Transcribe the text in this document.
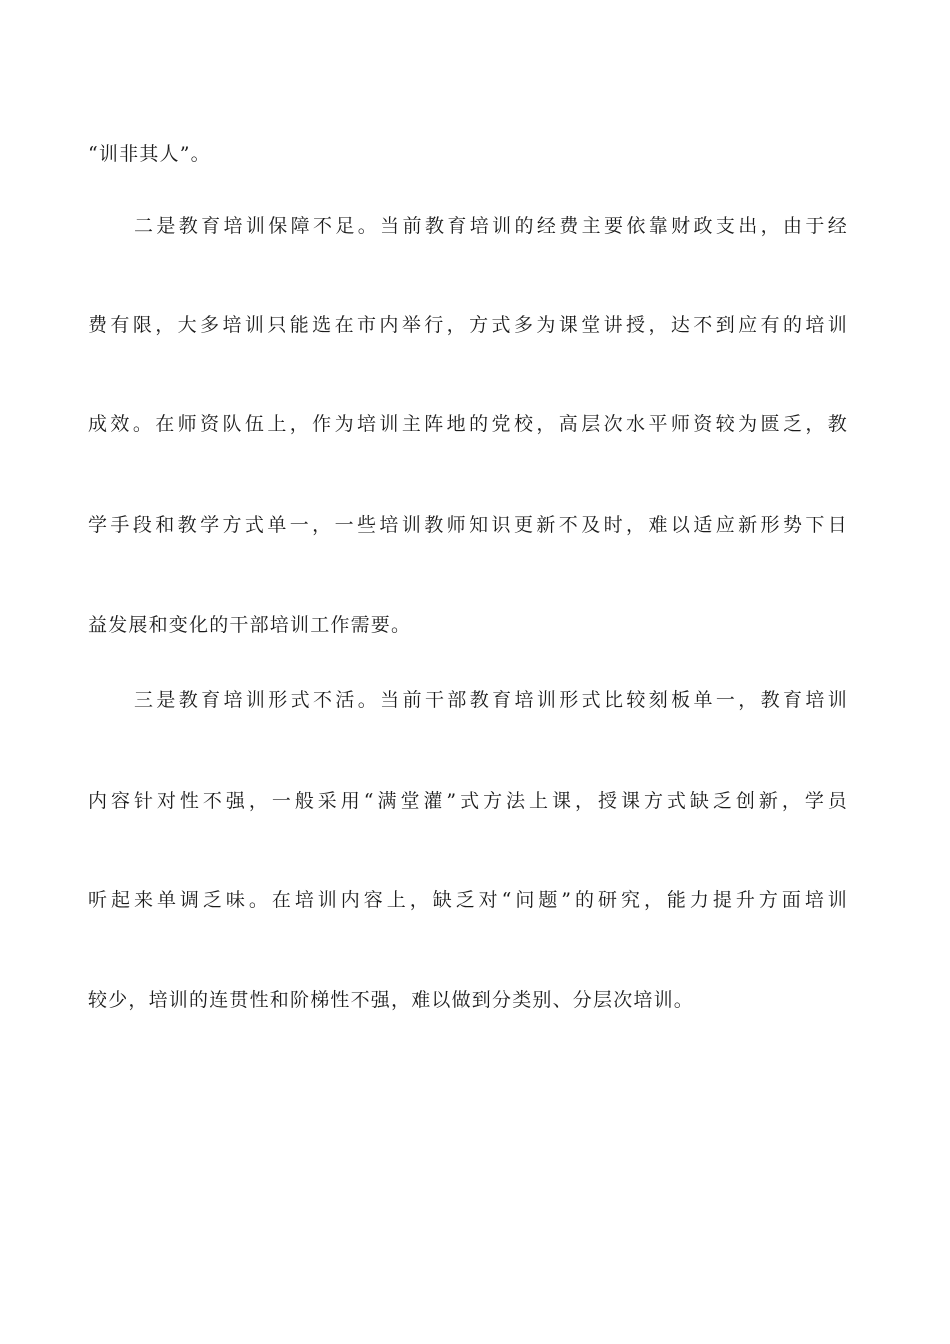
“训非其人”。
二是教育培训保障不足。当前教育培训的经费主要依靠财政支出，由于经
费有限，大多培训只能选在市内举行，方式多为课堂讲授，达不到应有的培训
成效。在师资队伍上，作为培训主阵地的党校，高层次水平师资较为匮乏，教
学手段和教学方式单一，一些培训教师知识更新不及时，难以适应新形势下日
益发展和变化的干部培训工作需要。
三是教育培训形式不活。当前干部教育培训形式比较刻板单一，教育培训
内容针对性不强，一般采用“满堂灌”式方法上课，授课方式缺乏创新，学员
听起来单调乏味。在培训内容上，缺乏对“问题”的研究，能力提升方面培训
较少，培训的连贯性和阶梯性不强，难以做到分类别、分层次培训。
